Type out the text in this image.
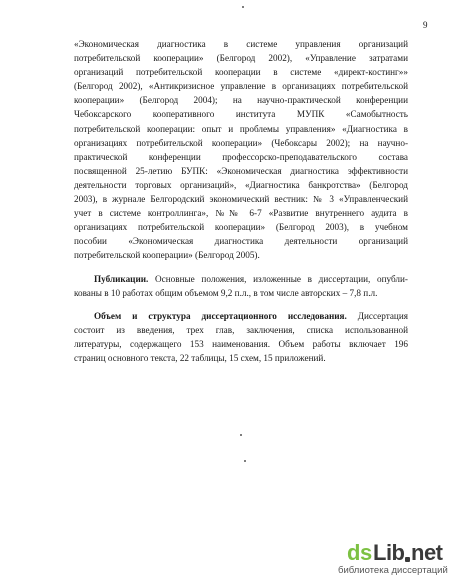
9
«Экономическая диагностика в системе управления организаций
потребительской кооперации» (Белгород 2002), «Управление затратами
организаций потребительской кооперации в системе «директ-костинг»»
(Белгород 2002), «Антикризисное управление в организациях потребительской
кооперации» (Белгород 2004); на научно-практической конференции
Чебоксарского кооперативного института МУПК «Самобытность
потребительской кооперации: опыт и проблемы управления» «Диагностика в
организациях потребительской кооперации» (Чебоксары 2002); на научно-
практической конференции профессорско-преподавательского состава
посвященной 25-летию БУПК: «Экономическая диагностика эффективности
деятельности торговых организаций», «Диагностика банкротства» (Белгород
2003), в журнале Белгородский экономический вестник: № 3 «Управленческий
учет в системе контроллинга», №№ 6-7 «Развитие внутреннего аудита в
организациях потребительской кооперации» (Белгород 2003), в учебном
пособии «Экономическая диагностика деятельности организаций
потребительской кооперации» (Белгород 2005).
Публикации. Основные положения, изложенные в диссертации, опубли-
кованы в 10 работах общим объемом 9,2 п.л., в том числе авторских – 7,8 п.л.
Объем и структура диссертационного исследования. Диссертация
состоит из введения, трех глав, заключения, списка использованной
литературы, содержащего 153 наименования. Объем работы включает 196
страниц основного текста, 22 таблицы, 15 схем, 15 приложений.
ds Lib net
библиотека диссертаций
